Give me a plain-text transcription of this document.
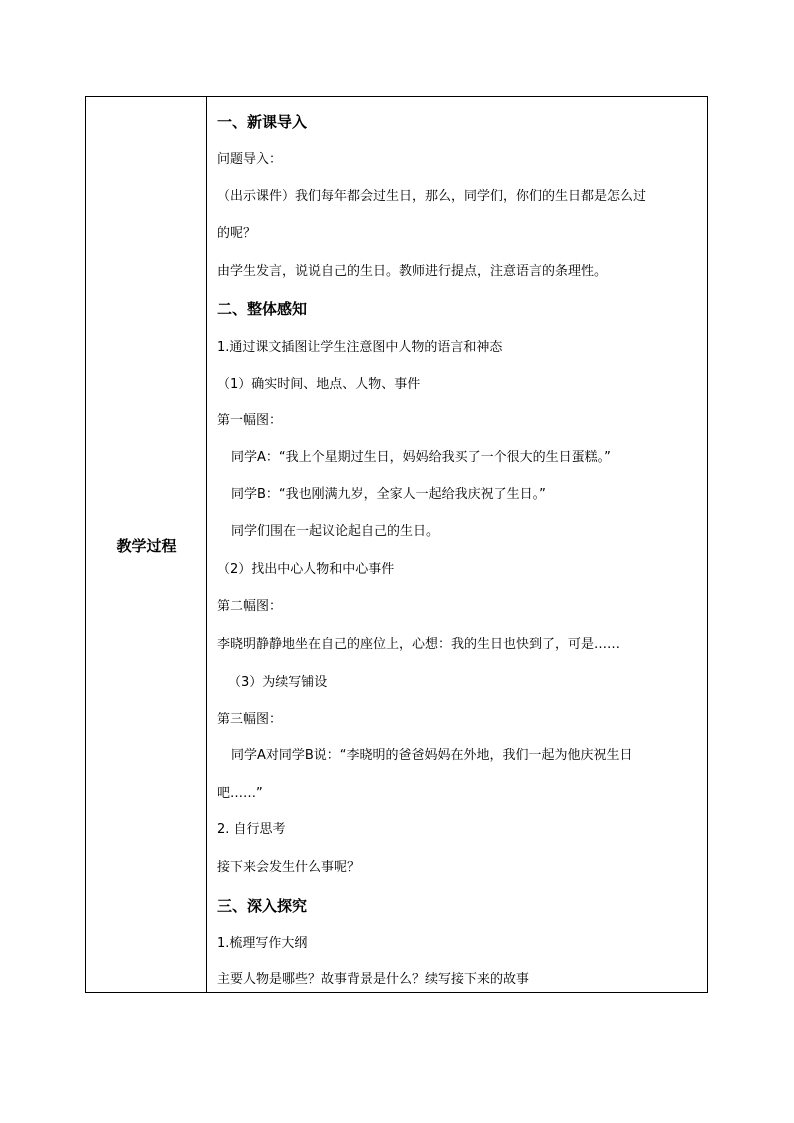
教学过程
一、新课导入
问题导入：
（出示课件）我们每年都会过生日，那么，同学们，你们的生日都是怎么过
的呢？
由学生发言，说说自己的生日。教师进行提点，注意语言的条理性。
二、整体感知
1.通过课文插图让学生注意图中人物的语言和神态
（1）确实时间、地点、人物、事件
第一幅图：
同学A：“我上个星期过生日，妈妈给我买了一个很大的生日蛋糕。”
同学B：“我也刚满九岁，全家人一起给我庆祝了生日。”
同学们围在一起议论起自己的生日。
（2）找出中心人物和中心事件
第二幅图：
李晓明静静地坐在自己的座位上，心想：我的生日也快到了，可是……
（3）为续写铺设
第三幅图：
同学A对同学B说：“李晓明的爸爸妈妈在外地，我们一起为他庆祝生日
吧……”
2. 自行思考
接下来会发生什么事呢？
三、深入探究
1.梳理写作大纲
主要人物是哪些？故事背景是什么？续写接下来的故事
